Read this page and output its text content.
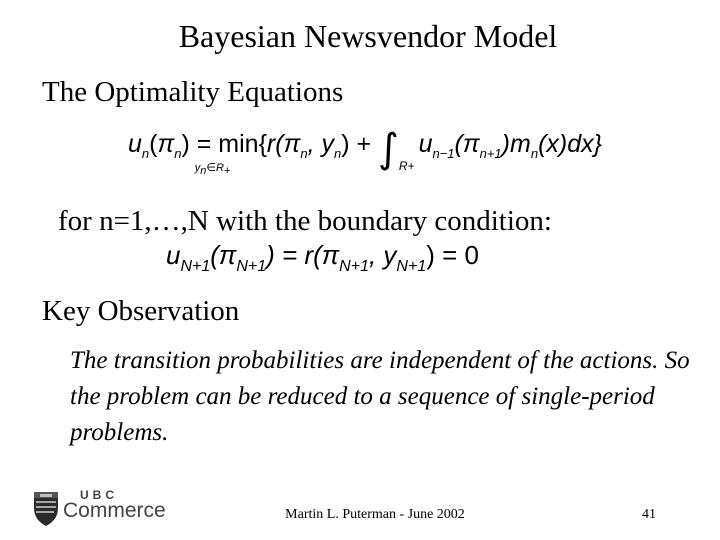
Bayesian Newsvendor Model
The Optimality Equations
$u_n(\pi_n) = \min${
yn∈R+
$r(\pi_n$, $y_n) + \int_{R+}u_{n-1}(\pi_{n+1})m_n(x)dx$}
for n=1,…,N with the boundary condition:
$u_{N+1}(\pi_{N+1}) = r(\pi_{N+1}$, $y_{N+1}) = 0$
Key Observation
The transition probabilities are independent of the actions. So the problem can be reduced to a sequence of single-period problems.
UBC
Commerce	Martin L. Puterman - June 2002	41
